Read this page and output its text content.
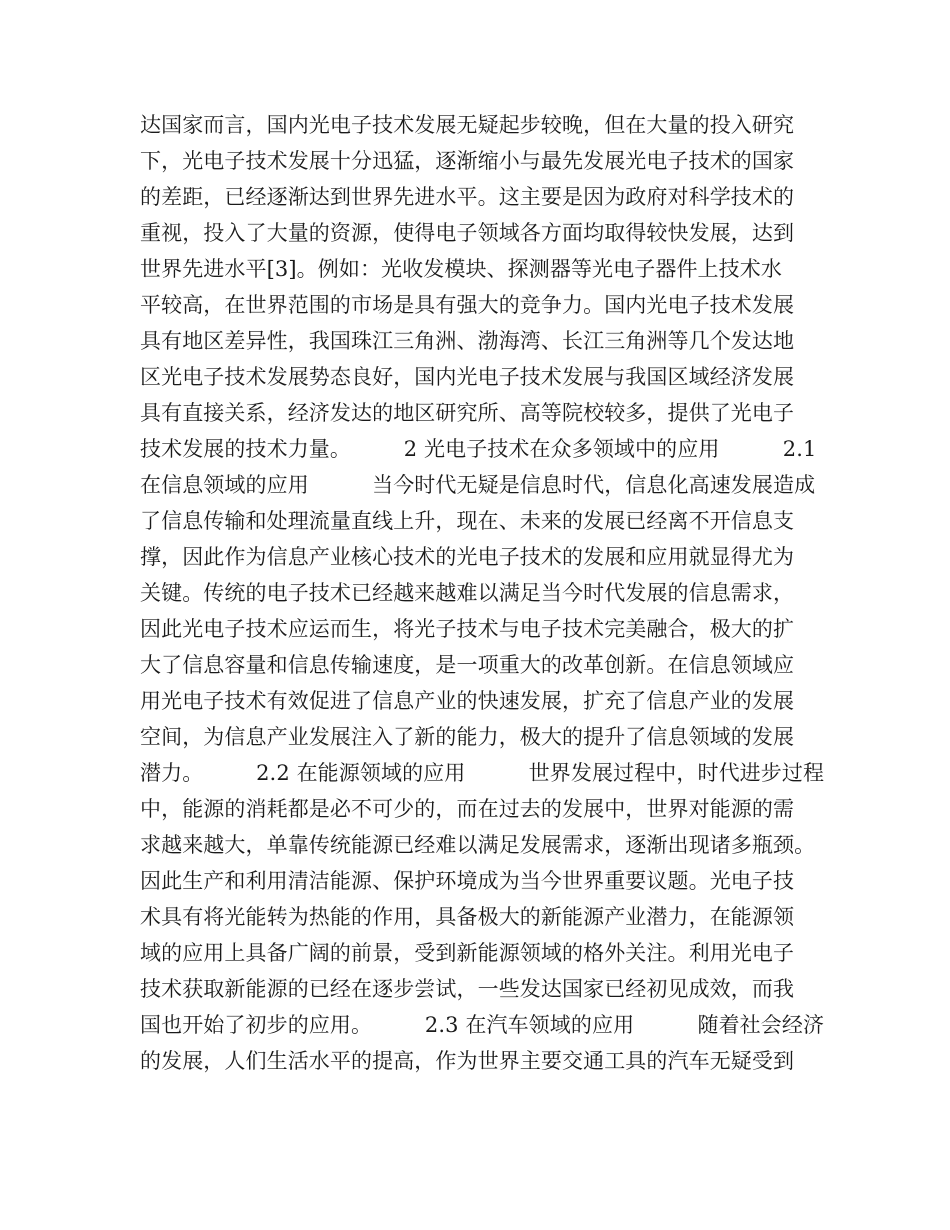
达国家而言，国内光电子技术发展无疑起步较晚，但在大量的投入研究
下，光电子技术发展十分迅猛，逐渐缩小与最先发展光电子技术的国家
的差距，已经逐渐达到世界先进水平。这主要是因为政府对科学技术的
重视，投入了大量的资源，使得电子领域各方面均取得较快发展，达到
世界先进水平[3]。例如：光收发模块、探测器等光电子器件上技术水
平较高，在世界范围的市场是具有强大的竞争力。国内光电子技术发展
具有地区差异性，我国珠江三角洲、渤海湾、长江三角洲等几个发达地
区光电子技术发展势态良好，国内光电子技术发展与我国区域经济发展
具有直接关系，经济发达的地区研究所、高等院校较多，提供了光电子
技术发展的技术力量。　　　2 光电子技术在众多领域中的应用　　　2.1
在信息领域的应用　　　当今时代无疑是信息时代，信息化高速发展造成
了信息传输和处理流量直线上升，现在、未来的发展已经离不开信息支
撑，因此作为信息产业核心技术的光电子技术的发展和应用就显得尤为
关键。传统的电子技术已经越来越难以满足当今时代发展的信息需求，
因此光电子技术应运而生，将光子技术与电子技术完美融合，极大的扩
大了信息容量和信息传输速度，是一项重大的改革创新。在信息领域应
用光电子技术有效促进了信息产业的快速发展，扩充了信息产业的发展
空间，为信息产业发展注入了新的能力，极大的提升了信息领域的发展
潜力。　　　2.2 在能源领域的应用　　　世界发展过程中，时代进步过程
中，能源的消耗都是必不可少的，而在过去的发展中，世界对能源的需
求越来越大，单靠传统能源已经难以满足发展需求，逐渐出现诸多瓶颈。
因此生产和利用清洁能源、保护环境成为当今世界重要议题。光电子技
术具有将光能转为热能的作用，具备极大的新能源产业潜力，在能源领
域的应用上具备广阔的前景，受到新能源领域的格外关注。利用光电子
技术获取新能源的已经在逐步尝试，一些发达国家已经初见成效，而我
国也开始了初步的应用。　　　2.3 在汽车领域的应用　　　随着社会经济
的发展，人们生活水平的提高，作为世界主要交通工具的汽车无疑受到
